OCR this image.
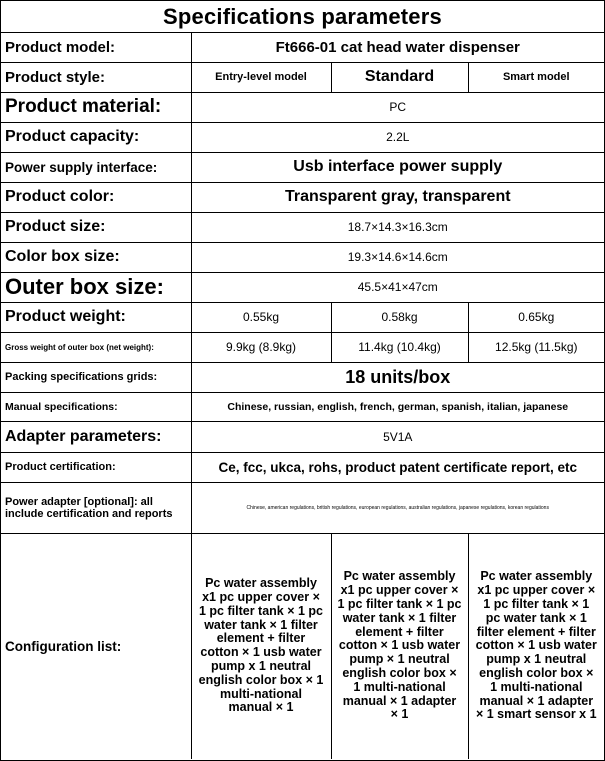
Specifications parameters
Product model:	Ft666-01 cat head water dispenser		
Product style:	Entry-level model	Standard	Smart model
Product material:	PC		
Product capacity:	2.2L		
Power supply interface:	Usb interface power supply		
Product color:	Transparent gray, transparent		
Product size:	18.7×14.3×16.3cm		
Color box size:	19.3×14.6×14.6cm		
Outer box size:	45.5×41×47cm		
Product weight:	0.55kg	0.58kg	0.65kg
Gross weight of outer box (net weight):	9.9kg (8.9kg)	11.4kg (10.4kg)	12.5kg (11.5kg)
Packing specifications grids:	18 units/box		
Manual specifications:	Chinese, russian, english, french, german, spanish, italian, japanese		
Adapter parameters:	5V1A		
Product certification:	Ce, fcc, ukca, rohs, product patent certificate report, etc		
Power adapter [optional]: all include certification and reports	Chinese, american regulations, british regulations, european regulations, australian regulations, japanese regulations, korean regulations		
Configuration list:	Pc water assembly x1 pc upper cover × 1 pc filter tank × 1 pc water tank × 1 filter element + filter cotton × 1 usb water pump x 1 neutral english color box × 1 multi-national manual × 1	Pc water assembly x1 pc upper cover × 1 pc filter tank × 1 pc water tank × 1 filter element + filter cotton × 1 usb water pump × 1 neutral english color box × 1 multi-national manual × 1 adapter × 1	Pc water assembly x1 pc upper cover × 1 pc filter tank × 1 pc water tank × 1 filter element + filter cotton × 1 usb water pump x 1 neutral english color box × 1 multi-national manual × 1 adapter × 1 smart sensor x 1
